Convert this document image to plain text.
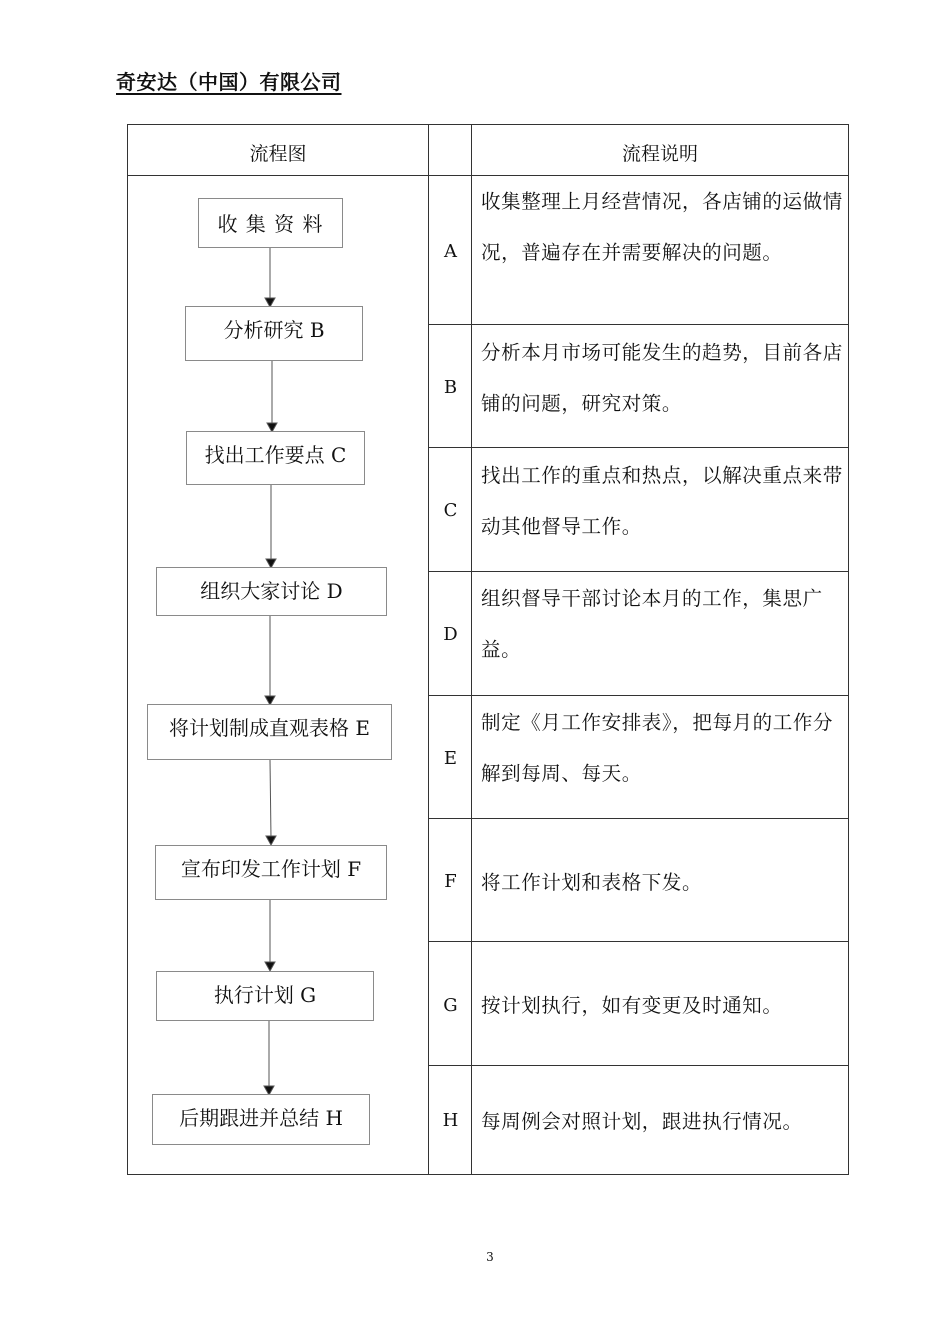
奇安达（中国）有限公司
流程图	流程说明
收 集 资 料
分析研究 B
找出工作要点 C
组织大家讨论 D
将计划制成直观表格 E
宣布印发工作计划 F
执行计划 G
后期跟进并总结 H
A
B
C
D
E
F
G
H
收集整理上月经营情况，各店铺的运做情况，普遍存在并需要解决的问题。
分析本月市场可能发生的趋势，目前各店铺的问题，研究对策。
找出工作的重点和热点，以解决重点来带动其他督导工作。
组织督导干部讨论本月的工作，集思广益。
制定《月工作安排表》，把每月的工作分解到每周、每天。
将工作计划和表格下发。
按计划执行，如有变更及时通知。
每周例会对照计划，跟进执行情况。
3
